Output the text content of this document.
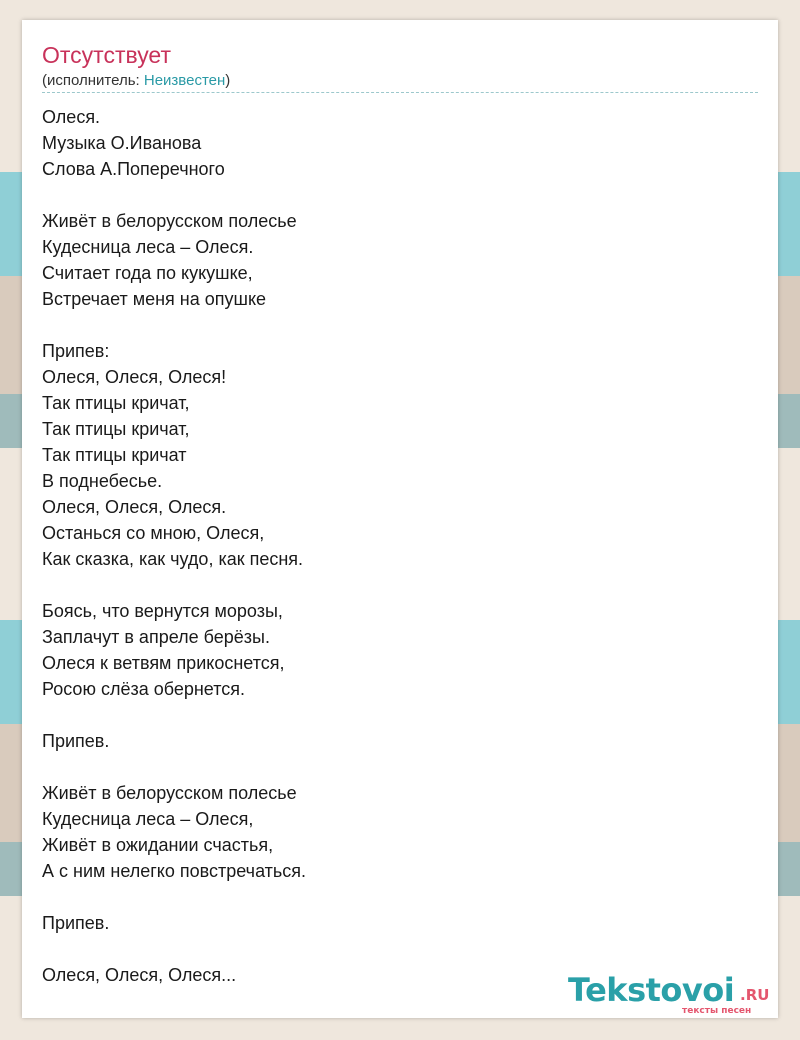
Отсутствует
(исполнитель: Неизвестен)
Олеся.
Музыка О.Иванова
Слова А.Поперечного
Живёт в белорусском полесье
Кудесница леса – Олеся.
Считает года по кукушке,
Встречает меня на опушке
Припев:
Олеся, Олеся, Олеся!
Так птицы кричат,
Так птицы кричат,
Так птицы кричат
В поднебесье.
Олеся, Олеся, Олеся.
Останься со мною, Олеся,
Как сказка, как чудо, как песня.
Боясь, что вернутся морозы,
Заплачут в апреле берёзы.
Олеся к ветвям прикоснется,
Росою слёза обернется.
Припев.
Живёт в белорусском полесье
Кудесница леса – Олеся,
Живёт в ожидании счастья,
А с ним нелегко повстречаться.
Припев.
Олеся, Олеся, Олеся...	Tekstovoi .RU
тексты песен
